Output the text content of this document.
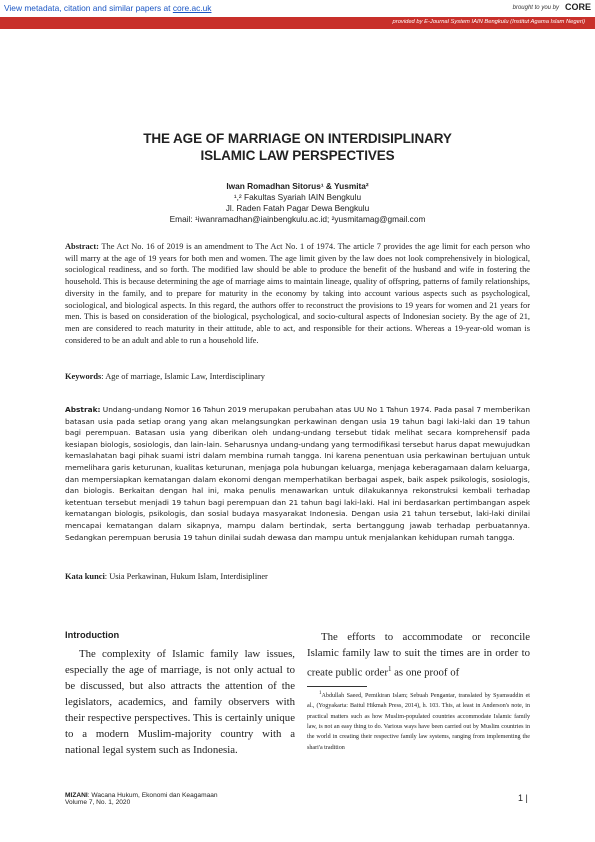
View metadata, citation and similar papers at core.ac.uk	brought to you by CORE
provided by E-Journal System IAIN Bengkulu (Institut Agama Islam Negeri)
THE AGE OF MARRIAGE ON INTERDISIPLINARY
ISLAMIC LAW PERSPECTIVES
Iwan Romadhan Sitorus¹ & Yusmita²
¹,² Fakultas Syariah IAIN Bengkulu
Jl. Raden Fatah Pagar Dewa Bengkulu
Email: ¹iwanramadhan@iainbengkulu.ac.id; ²yusmitamag@gmail.com
Abstract: The Act No. 16 of 2019 is an amendment to The Act No. 1 of 1974. The article 7 provides the age limit for each person who will marry at the age of 19 years for both men and women. The age limit given by the law does not look comprehensively in biological, sociological readiness, and so forth. The modified law should be able to produce the benefit of the husband and wife in fostering the household. This is because determining the age of marriage aims to maintain lineage, quality of offspring, patterns of family relationships, diversity in the family, and to prepare for maturity in the economy by taking into account various aspects such as psychological, sociological, and biological aspects. In this regard, the authors offer to reconstruct the provisions to 19 years for women and 21 years for men. This is based on consideration of the biological, psychological, and socio-cultural aspects of Indonesian society. By the age of 21, men are considered to reach maturity in their attitude, able to act, and responsible for their actions. Whereas a 19-year-old woman is considered to be an adult and able to run a household life.
Keywords: Age of marriage, Islamic Law, Interdisciplinary
Abstrak: Undang-undang Nomor 16 Tahun 2019 merupakan perubahan atas UU No 1 Tahun 1974. Pada pasal 7 memberikan batasan usia pada setiap orang yang akan melangsungkan perkawinan dengan usia 19 tahun bagi laki-laki dan 19 tahun bagi perempuan. Batasan usia yang diberikan oleh undang-undang tersebut tidak melihat secara komprehensif pada kesiapan biologis, sosiologis, dan lain-lain. Seharusnya undang-undang yang termodifikasi tersebut harus dapat mewujudkan kemaslahatan bagi pihak suami istri dalam membina rumah tangga. Ini karena penentuan usia perkawinan bertujuan untuk memelihara garis keturunan, kualitas keturunan, menjaga pola hubungan keluarga, menjaga keberagamaan dalam keluarga, dan mempersiapkan kematangan dalam ekonomi dengan memperhatikan berbagai aspek, baik aspek psikologis, sosiologis, dan biologis. Berkaitan dengan hal ini, maka penulis menawarkan untuk dilakukannya rekonstruksi kembali terhadap ketentuan tersebut menjadi 19 tahun bagi perempuan dan 21 tahun bagi laki-laki. Hal ini berdasarkan pertimbangan aspek kematangan biologis, psikologis, dan sosial budaya masyarakat Indonesia. Dengan usia 21 tahun tersebut, laki-laki dinilai mencapai kematangan dalam sikapnya, mampu dalam bertindak, serta bertanggung jawab terhadap perbuatannya. Sedangkan perempuan berusia 19 tahun dinilai sudah dewasa dan mampu untuk menjalankan kehidupan rumah tangga.
Kata kunci: Usia Perkawinan, Hukum Islam, Interdisipliner
Introduction

The complexity of Islamic family law issues, especially the age of marriage, is not only actual to be discussed, but also attracts the attention of the legislators, academics, and family observers with their respective perspectives. This is certainly unique to a modern Muslim-majority country with a national legal system such as Indonesia.

The efforts to accommodate or reconcile Islamic family law to suit the times are in order to create public order$^1$ as one proof of

$^1$Abdullah Saeed, Pemikiran Islam; Sebuah Pengantar, translated by Syamsuddin et al., (Yogyakarta: Baitul Hikmah Press, 2014), h. 103. This, at least in Anderson's note, in practical matters such as how Muslim-populated countries accommodate Islamic family law, is not an easy thing to do. Various ways have been carried out by Muslim countries in the world in creating their respective family law systems, ranging from implementing the shari'a tradition
MIZANI: Wacana Hukum, Ekonomi dan Keagamaan
Volume 7, No. 1, 2020	1 |
